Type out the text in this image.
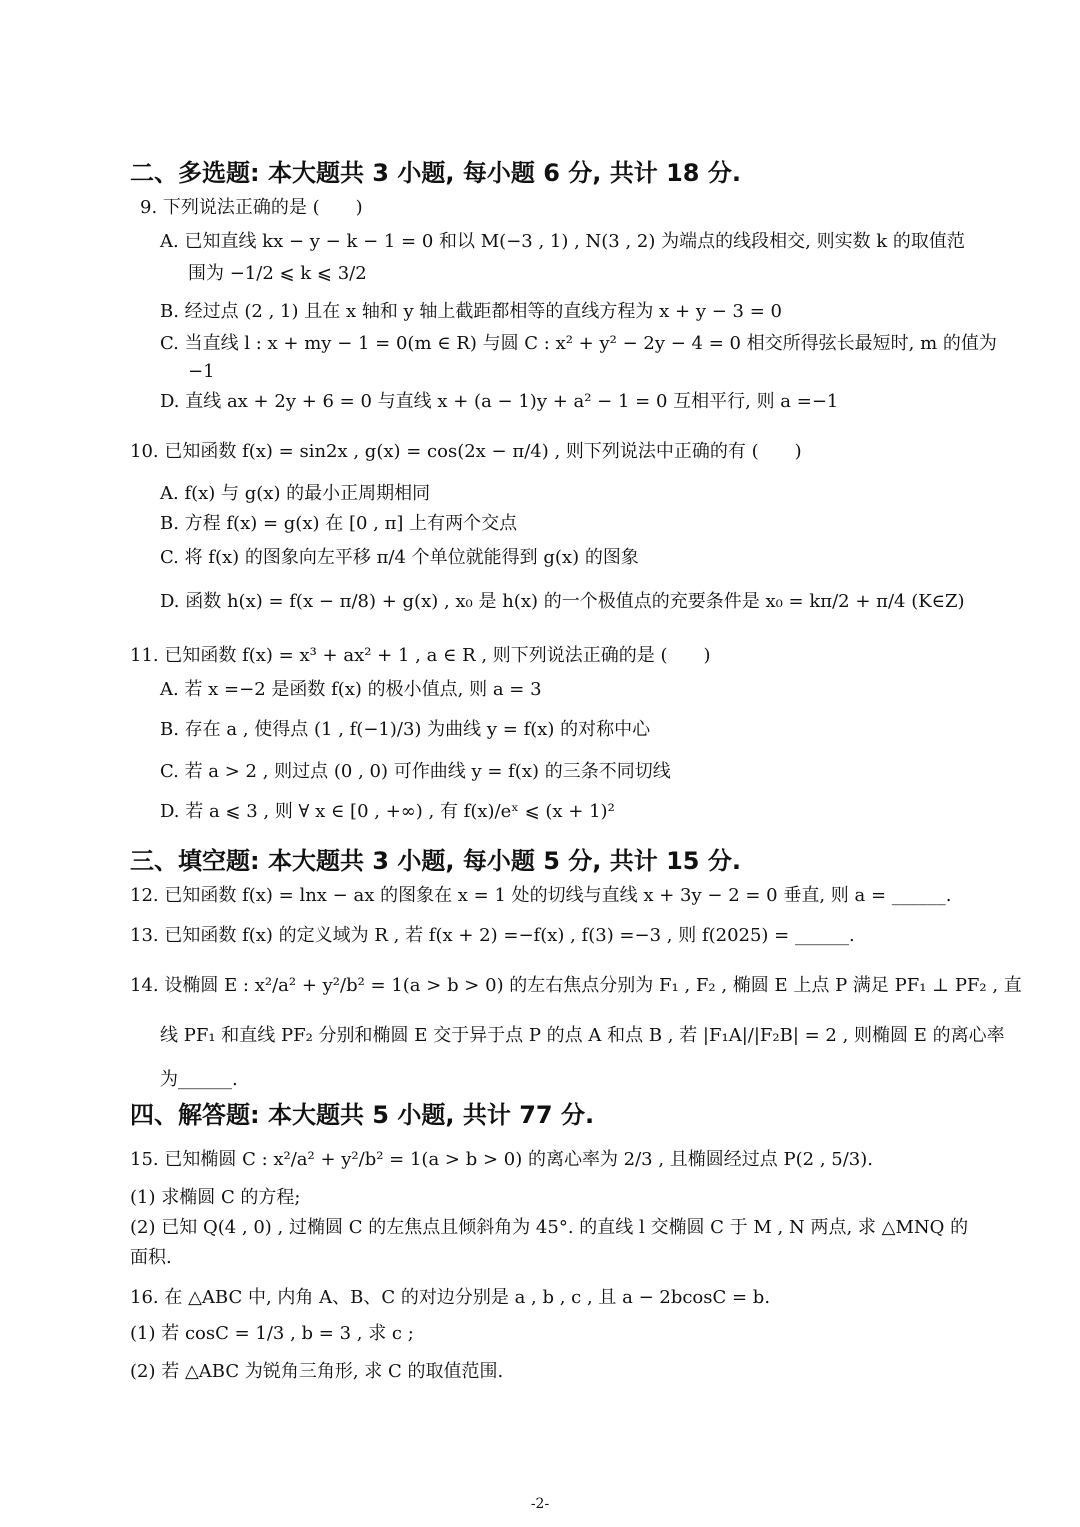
二、多选题: 本大题共 3 小题, 每小题 6 分, 共计 18 分.
9. 下列说法正确的是 (　　)
A. 已知直线 kx − y − k − 1 = 0 和以 M(−3 , 1) , N(3 , 2) 为端点的线段相交, 则实数 k 的取值范
围为 −1/2 ⩽ k ⩽ 3/2
B. 经过点 (2 , 1) 且在 x 轴和 y 轴上截距都相等的直线方程为 x + y − 3 = 0
C. 当直线 l : x + my − 1 = 0(m ∈ R) 与圆 C : x² + y² − 2y − 4 = 0 相交所得弦长最短时, m 的值为
−1
D. 直线 ax + 2y + 6 = 0 与直线 x + (a − 1)y + a² − 1 = 0 互相平行, 则 a =−1
10. 已知函数 f(x) = sin2x , g(x) = cos(2x − π/4) , 则下列说法中正确的有 (　　)
A. f(x) 与 g(x) 的最小正周期相同
B. 方程 f(x) = g(x) 在 [0 , π] 上有两个交点
C. 将 f(x) 的图象向左平移 π/4 个单位就能得到 g(x) 的图象
D. 函数 h(x) = f(x − π/8) + g(x) , x₀ 是 h(x) 的一个极值点的充要条件是 x₀ = kπ/2 + π/4 (K∈Z)
11. 已知函数 f(x) = x³ + ax² + 1 , a ∈ R , 则下列说法正确的是 (　　)
A. 若 x =−2 是函数 f(x) 的极小值点, 则 a = 3
B. 存在 a , 使得点 (1 , f(−1)/3) 为曲线 y = f(x) 的对称中心
C. 若 a > 2 , 则过点 (0 , 0) 可作曲线 y = f(x) 的三条不同切线
D. 若 a ⩽ 3 , 则 ∀ x ∈ [0 , +∞) , 有 f(x)/eˣ ⩽ (x + 1)²
三、填空题: 本大题共 3 小题, 每小题 5 分, 共计 15 分.
12. 已知函数 f(x) = lnx − ax 的图象在 x = 1 处的切线与直线 x + 3y − 2 = 0 垂直, 则 a = ______.
13. 已知函数 f(x) 的定义域为 R , 若 f(x + 2) =−f(x) , f(3) =−3 , 则 f(2025) = ______.
14. 设椭圆 E : x²/a² + y²/b² = 1(a > b > 0) 的左右焦点分别为 F₁ , F₂ , 椭圆 E 上点 P 满足 PF₁ ⊥ PF₂ , 直
线 PF₁ 和直线 PF₂ 分别和椭圆 E 交于异于点 P 的点 A 和点 B , 若 |F₁A|/|F₂B| = 2 , 则椭圆 E 的离心率
为______.
四、解答题: 本大题共 5 小题, 共计 77 分.
15. 已知椭圆 C : x²/a² + y²/b² = 1(a > b > 0) 的离心率为 2/3 , 且椭圆经过点 P(2 , 5/3).
(1) 求椭圆 C 的方程;
(2) 已知 Q(4 , 0) , 过椭圆 C 的左焦点且倾斜角为 45°. 的直线 l 交椭圆 C 于 M , N 两点, 求 △MNQ 的
面积.
16. 在 △ABC 中, 内角 A、B、C 的对边分别是 a , b , c , 且 a − 2bcosC = b.
(1) 若 cosC = 1/3 , b = 3 , 求 c ;
(2) 若 △ABC 为锐角三角形, 求 C 的取值范围.
-2-
